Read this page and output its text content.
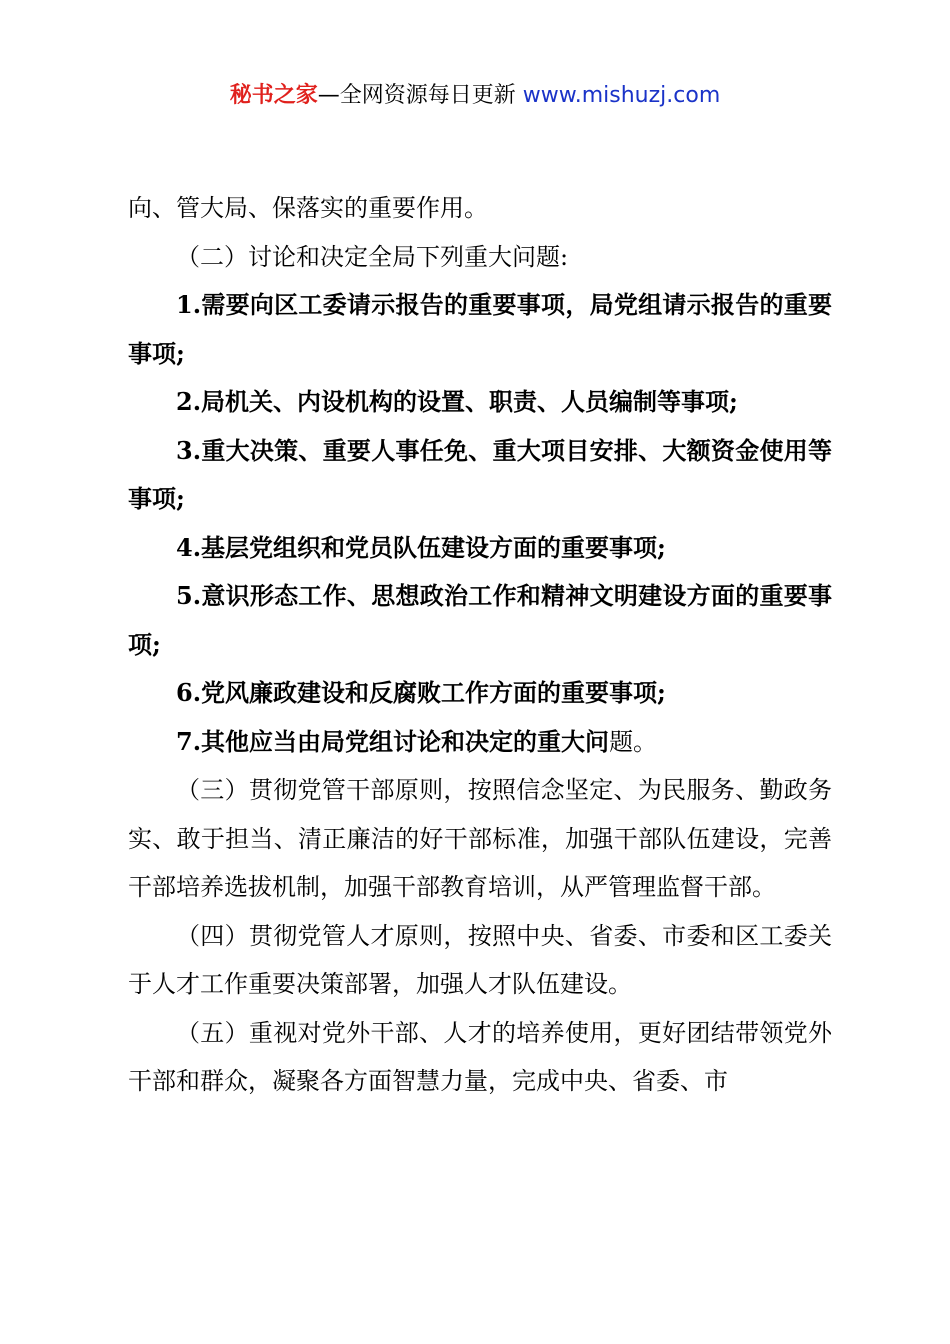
秘书之家—全网资源每日更新 www.mishuzj.com

向、管大局、保落实的重要作用。

（二）讨论和决定全局下列重大问题:

1.需要向区工委请示报告的重要事项，局党组请示报告的重要事项;

2.局机关、内设机构的设置、职责、人员编制等事项;

3.重大决策、重要人事任免、重大项目安排、大额资金使用等事项;

4.基层党组织和党员队伍建设方面的重要事项;

5.意识形态工作、思想政治工作和精神文明建设方面的重要事项;

6.党风廉政建设和反腐败工作方面的重要事项;

7.其他应当由局党组讨论和决定的重大问题。

（三）贯彻党管干部原则，按照信念坚定、为民服务、勤政务实、敢于担当、清正廉洁的好干部标准，加强干部队伍建设，完善干部培养选拔机制，加强干部教育培训，从严管理监督干部。

（四）贯彻党管人才原则，按照中央、省委、市委和区工委关于人才工作重要决策部署，加强人才队伍建设。

（五）重视对党外干部、人才的培养使用，更好团结带领党外干部和群众，凝聚各方面智慧力量，完成中央、省委、市
